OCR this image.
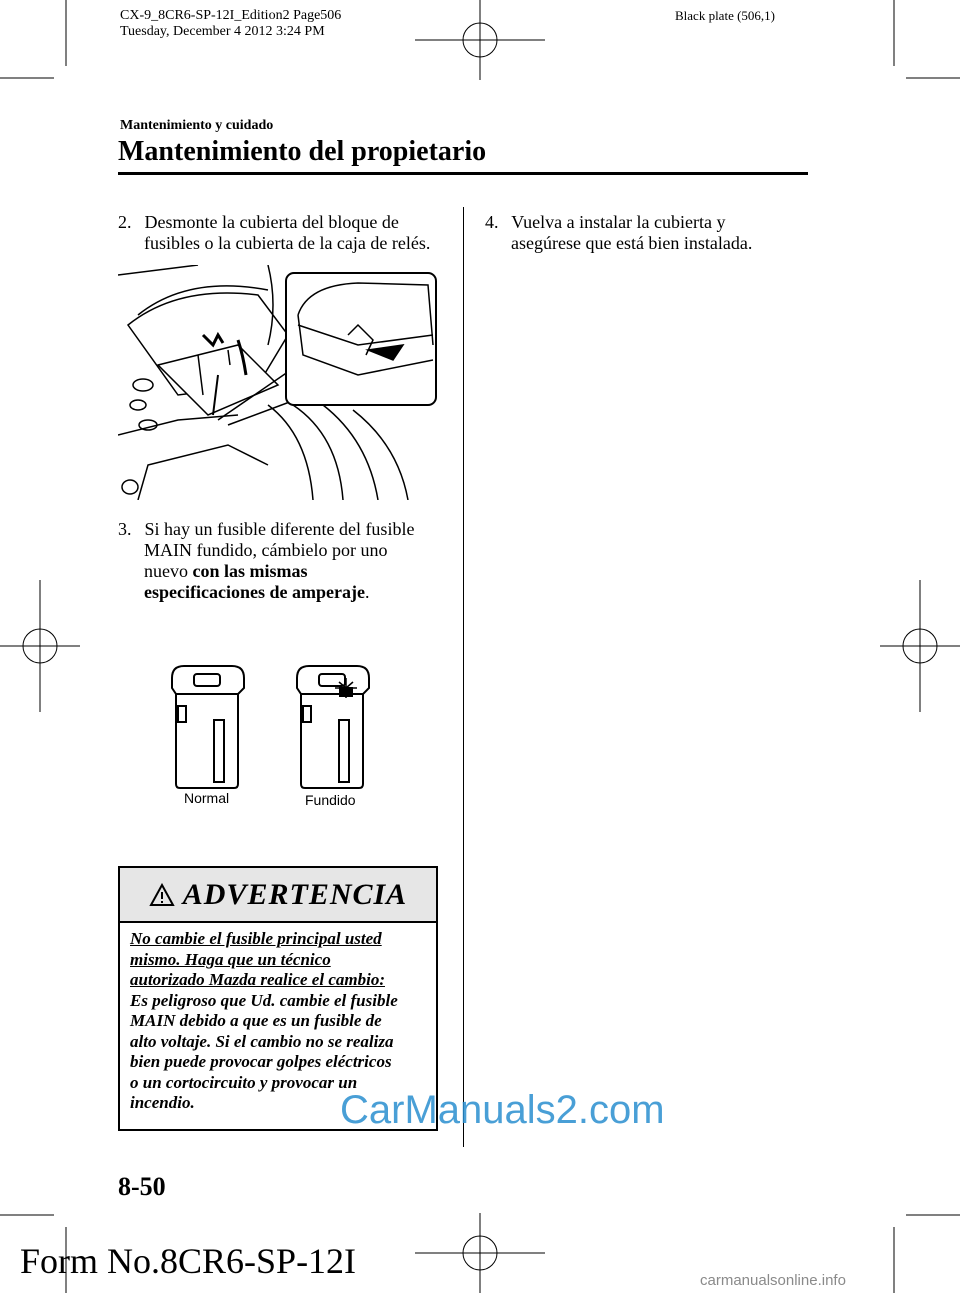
CX-9_8CR6-SP-12I_Edition2 Page506
Tuesday, December 4 2012 3:24 PM
Black plate (506,1)
Mantenimiento y cuidado
Mantenimiento del propietario
2. Desmonte la cubierta del bloque de
fusibles o la cubierta de la caja de relés.
3. Si hay un fusible diferente del fusible
MAIN fundido, cámbielo por uno
nuevo con las mismas
especificaciones de amperaje.
Normal	Fundido
ADVERTENCIA
No cambie el fusible principal usted
mismo. Haga que un técnico
autorizado Mazda realice el cambio:
Es peligroso que Ud. cambie el fusible
MAIN debido a que es un fusible de
alto voltaje. Si el cambio no se realiza
bien puede provocar golpes eléctricos
o un cortocircuito y provocar un
incendio.
4. Vuelva a instalar la cubierta y
asegúrese que está bien instalada.
CarManuals2.com
8-50
Form No.8CR6-SP-12I	carmanualsonline.info
